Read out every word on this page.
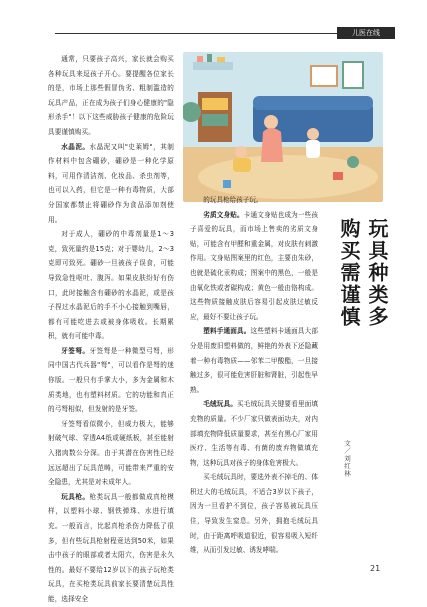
儿医在线

通常，只要孩子高兴，家长就会购买各种玩具来逗孩子开心。要提醒各位家长的是，市场上那些假冒伪劣、粗制滥造的玩具产品，正在成为孩子们身心健康的"隐形杀手"！以下这些威胁孩子健康的危险玩具要谨慎购买。

水晶泥。水晶泥又叫"史莱姆"，其制作材料中包含硼砂，硼砂是一种化学原料，可用作清洁剂、化妆品、杀虫剂等，也可以入药，但它是一种有毒物质，大部分国家都禁止将硼砂作为食品添加剂使用。

对于成人，硼砂的中毒剂量是1～3克，致死量约是15克；对于婴幼儿，2～3克即可致死。硼砂一旦被孩子误食，可能导致急性呕吐、腹泻。如果皮肤纷好有伤口，此时接触含有硼砂的水晶泥，或是孩子捏过水晶泥后的手不小心接触到嘴唇，都有可能吃进去或被身体吸收。长期累积，就有可能中毒。

牙签弩。牙签弩是一种微型弓弩，形同中国古代兵器"弩"，可以看作是弩的迷你版。一般只有手掌大小，多为金属和木质类地，也有塑料材质。它的功能和真正的弓弩相似，但发射的是牙签。

牙签弩看似微小，但威力极大，能够射破气球、穿透A4纸或硬纸板，甚至能射入猪肉数公分深。由于其潜在伤害性已经远远超出了玩具范畴，可能带来严重的安全隐患，尤其是对未成年人。

玩具枪。枪类玩具一般都做成真枪模样，以塑料小球、钢铁弹珠、水进行填充。一般而言，比起真枪杀伤力降低了很多，但有些玩具枪射程竟达到50米，如果击中孩子的眼部或者太阳穴，伤害是永久性的。最好不要给12岁以下的孩子玩枪类玩具，在买枪类玩具前家长要清楚玩具性能，选择安全

的玩具枪给孩子玩。

劣质文身贴。卡通文身贴也成为一些孩子喜爱的玩具，而市场上售卖的劣质文身贴，可能含有甲醛和重金属，对皮肤有刺激作用。文身贴图案里的红色，主要由朱砂，也就是硫化汞构成；图案中的黑色，一般是由氧化铁或者碳构成；黄色一般由铬构成。这些物质接触皮肤后容易引起皮肤过敏反应，最好不要让孩子玩。

塑料手通面具。这些塑料卡通面具大部分是用废旧塑料做的，鲜艳的外表下还隐藏着一种有毒物质——邻苯二甲酸酯，一旦接触过多，很可能危害肝脏和肾脏，引起性早熟。

毛绒玩具。买毛绒玩具关键要看里面填充物的质量。不少厂家只做表面功夫，对内部填充物降低质量要求，甚至有黑心厂家用医疗、生活等有毒、有菌的废弃物做填充物，这种玩具对孩子的身体危害极大。

买毛绒玩具时，要选外表不掉毛的、体积过大的毛绒玩具，不适合3岁以下孩子，因为一旦看护不到位，孩子容易被玩具压住，导致发生窒息。另外，拥抱毛绒玩具时，由于距离呼吸道很近，很容易吸入短纤维，从而引发过敏、诱发哮喘。

玩具种类多
购买需谨慎
文／刘红林
21
